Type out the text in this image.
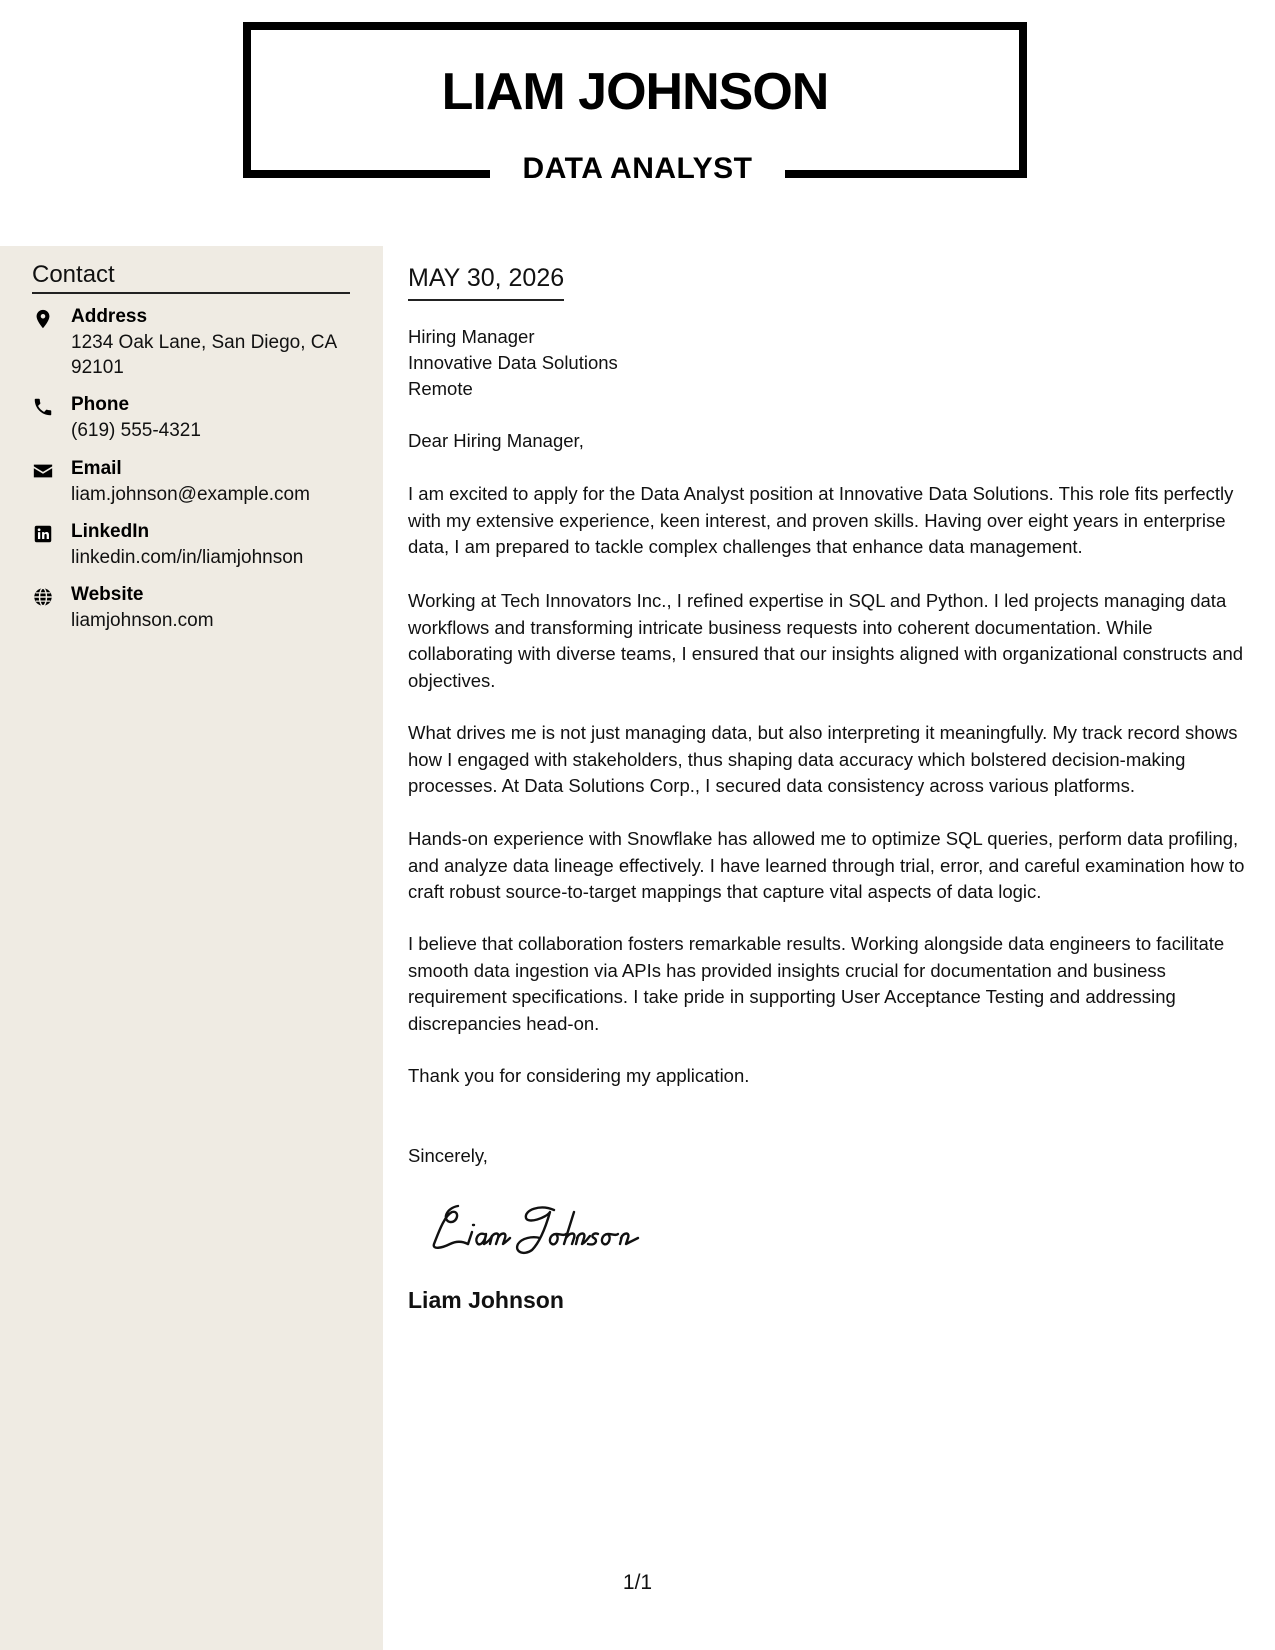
LIAM JOHNSON
DATA ANALYST
Contact
Address
1234 Oak Lane, San Diego, CA 92101
Phone
(619) 555-4321
Email
liam.johnson@example.com
LinkedIn
linkedin.com/in/liamjohnson
Website
liamjohnson.com
MAY 30, 2026
Hiring Manager
Innovative Data Solutions
Remote

Dear Hiring Manager,

I am excited to apply for the Data Analyst position at Innovative Data Solutions. This role fits perfectly with my extensive experience, keen interest, and proven skills. Having over eight years in enterprise data, I am prepared to tackle complex challenges that enhance data management.

Working at Tech Innovators Inc., I refined expertise in SQL and Python. I led projects managing data workflows and transforming intricate business requests into coherent documentation. While collaborating with diverse teams, I ensured that our insights aligned with organizational constructs and objectives.

What drives me is not just managing data, but also interpreting it meaningfully. My track record shows how I engaged with stakeholders, thus shaping data accuracy which bolstered decision-making processes. At Data Solutions Corp., I secured data consistency across various platforms.

Hands-on experience with Snowflake has allowed me to optimize SQL queries, perform data profiling, and analyze data lineage effectively. I have learned through trial, error, and careful examination how to craft robust source-to-target mappings that capture vital aspects of data logic.

I believe that collaboration fosters remarkable results. Working alongside data engineers to facilitate smooth data ingestion via APIs has provided insights crucial for documentation and business requirement specifications. I take pride in supporting User Acceptance Testing and addressing discrepancies head-on.

Thank you for considering my application.

Sincerely,

Liam Johnson
1/1
